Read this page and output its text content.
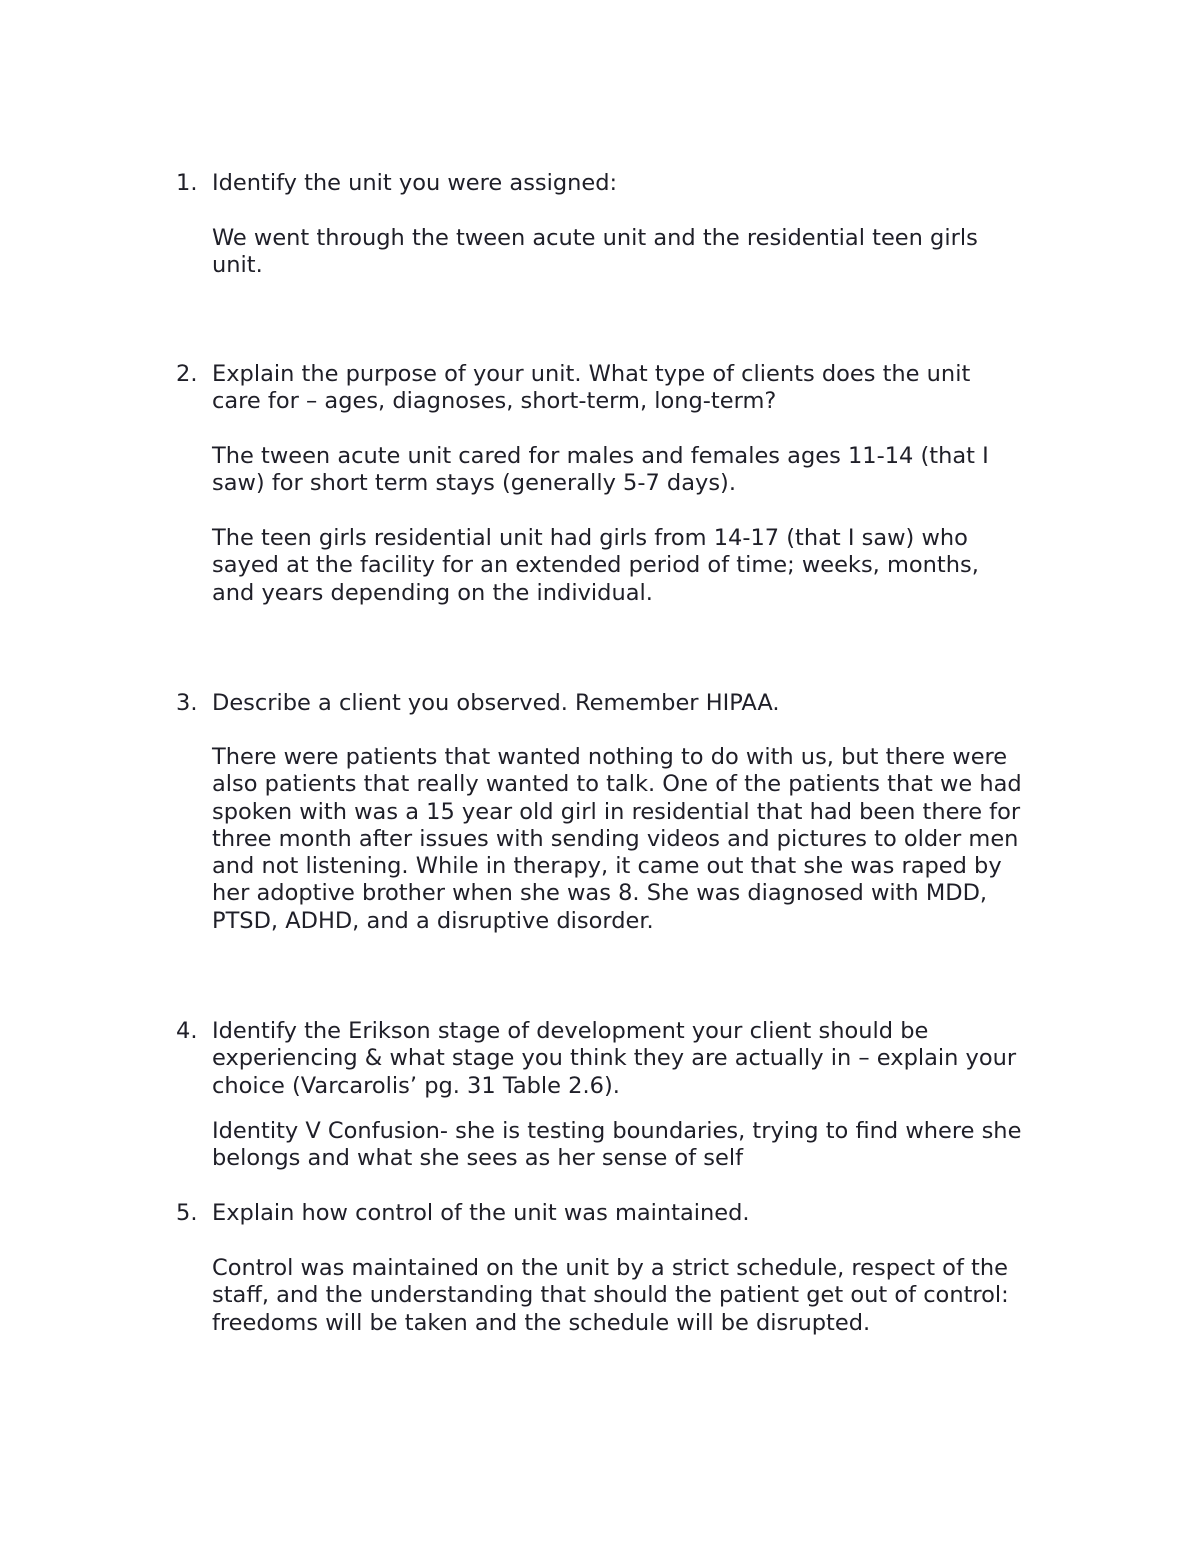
1. Identify the unit you were assigned:
We went through the tween acute unit and the residential teen girls
unit.
2. Explain the purpose of your unit. What type of clients does the unit
care for – ages, diagnoses, short-term, long-term?
The tween acute unit cared for males and females ages 11-14 (that I
saw) for short term stays (generally 5-7 days).
The teen girls residential unit had girls from 14-17 (that I saw) who
sayed at the facility for an extended period of time; weeks, months,
and years depending on the individual.
3. Describe a client you observed. Remember HIPAA.
There were patients that wanted nothing to do with us, but there were
also patients that really wanted to talk. One of the patients that we had
spoken with was a 15 year old girl in residential that had been there for
three month after issues with sending videos and pictures to older men
and not listening. While in therapy, it came out that she was raped by
her adoptive brother when she was 8. She was diagnosed with MDD,
PTSD, ADHD, and a disruptive disorder.
4. Identify the Erikson stage of development your client should be
experiencing & what stage you think they are actually in – explain your
choice (Varcarolis’ pg. 31 Table 2.6).
Identity V Confusion- she is testing boundaries, trying to find where she
belongs and what she sees as her sense of self
5. Explain how control of the unit was maintained.
Control was maintained on the unit by a strict schedule, respect of the
staff, and the understanding that should the patient get out of control:
freedoms will be taken and the schedule will be disrupted.
